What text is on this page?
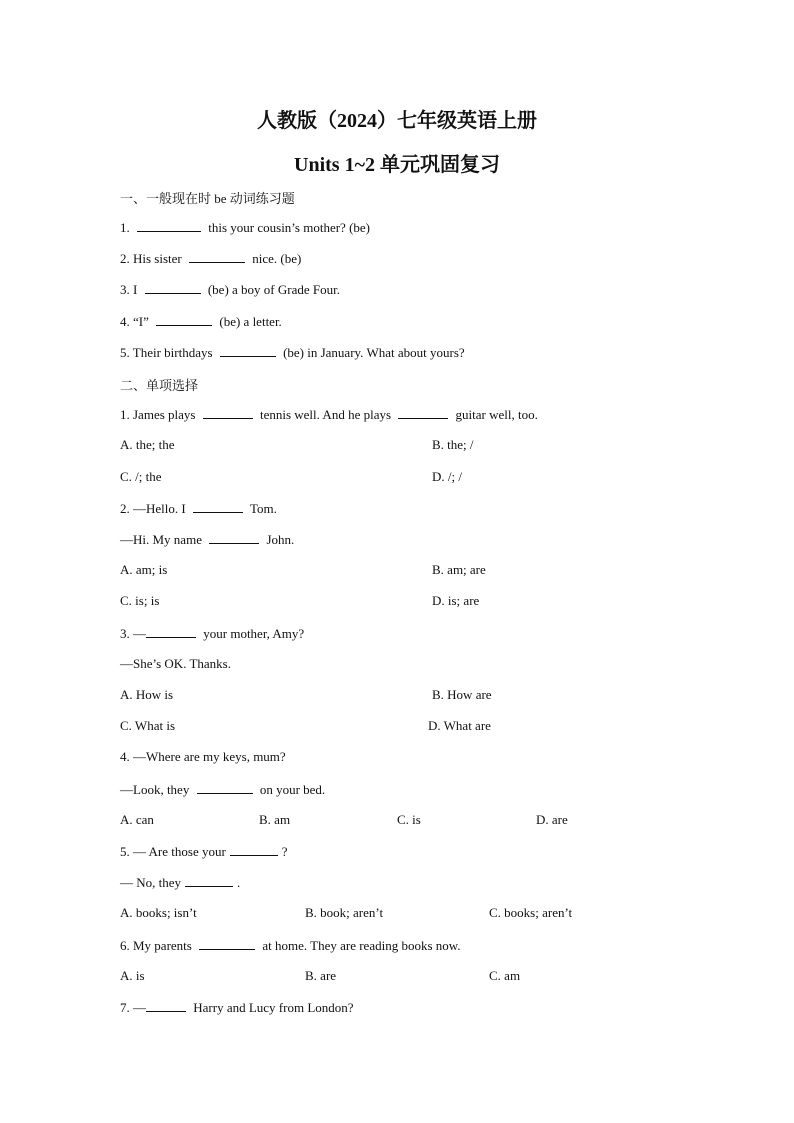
人教版（2024）七年级英语上册
Units 1~2 单元巩固复习
一、一般现在时 be 动词练习题
1.	this your cousin’s mother? (be)
2. His sister	nice. (be)
3. I	(be) a boy of Grade Four.
4. “I”	(be) a letter.
5. Their birthdays	(be) in January. What about yours?
二、单项选择
1. James plays	tennis well. And he plays	guitar well, too.
A. the; the	B. the; /
C. /; the	D. /; /
2. —Hello. I	Tom.
—Hi. My name	John.
A. am; is	B. am; are
C. is; is	D. is; are
3. —	your mother, Amy?
—She’s OK. Thanks.
A. How is	B. How are
C. What is	D. What are
4. —Where are my keys, mum?
—Look, they	on your bed.
A. can	B. am	C. is	D. are
5. — Are those your	?
— No, they	.
A. books; isn’t	B. book; aren’t	C. books; aren’t
6. My parents	at home. They are reading books now.
A. is	B. are	C. am
7. —	Harry and Lucy from London?
